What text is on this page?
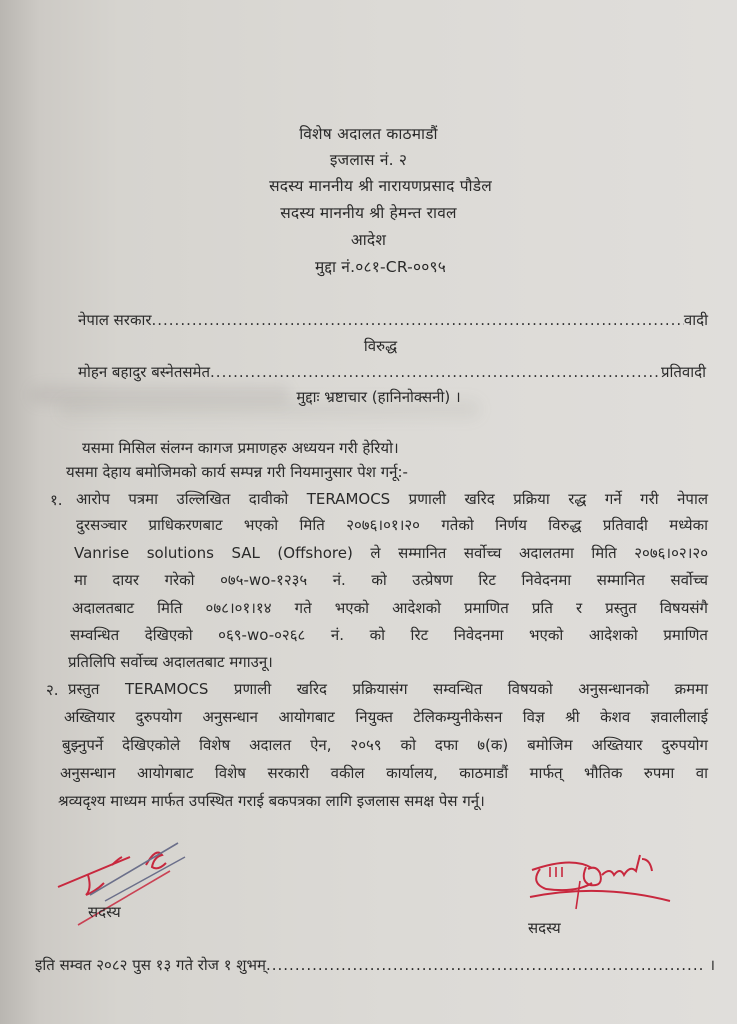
विशेष अदालत काठमाडौं
इजलास नं. २
सदस्य माननीय श्री नारायणप्रसाद पौडेल
सदस्य माननीय श्री हेमन्त रावल
आदेश
मुद्दा नं.०८१-CR-००९५
नेपाल सरकार .....	वादी
विरुद्ध
मोहन बहादुर बस्नेतसमेत .....	प्रतिवादी
मुद्दाः भ्रष्टाचार (हानिनोक्सनी) ।
यसमा मिसिल संलग्न कागज प्रमाणहरु अध्ययन गरी हेरियो।
यसमा देहाय बमोजिमको कार्य सम्पन्न गरी नियमानुसार पेश गर्नू:-
१. आरोप पत्रमा उल्लिखित दावीको TERAMOCS प्रणाली खरिद प्रक्रिया रद्ध गर्ने गरी नेपाल
दुरसञ्चार प्राधिकरणबाट भएको मिति २०७६।०१।२० गतेको निर्णय विरुद्ध प्रतिवादी मध्येका
Vanrise solutions SAL (Offshore) ले सम्मानित सर्वोच्च अदालतमा मिति २०७६।०२।२०
मा दायर गरेको ०७५-wo-१२३५ नं. को उत्प्रेषण रिट निवेदनमा सम्मानित सर्वोच्च
अदालतबाट मिति ०७८।०१।१४ गते भएको आदेशको प्रमाणित प्रति र प्रस्तुत विषयसंगै
सम्वन्धित देखिएको ०६९-wo-०२६८ नं. को रिट निवेदनमा भएको आदेशको प्रमाणित
प्रतिलिपि सर्वोच्च अदालतबाट मगाउनू।
२. प्रस्तुत TERAMOCS प्रणाली खरिद प्रक्रियासंग सम्वन्धित विषयको अनुसन्धानको क्रममा
अख्तियार दुरुपयोग अनुसन्धान आयोगबाट नियुक्त टेलिकम्युनीकेसन विज्ञ श्री केशव ज्ञवालीलाई
बुझ्नुपर्ने देखिएकोले विशेष अदालत ऐन, २०५९ को दफा ७(क) बमोजिम अख्तियार दुरुपयोग
अनुसन्धान आयोगबाट विशेष सरकारी वकील कार्यालय, काठमाडौं मार्फत् भौतिक रुपमा वा
श्रव्यदृश्य माध्यम मार्फत उपस्थित गराई बकपत्रका लागि इजलास समक्ष पेस गर्नू।
सदस्य
सदस्य
इति सम्वत २०८२ पुस १३ गते रोज १ शुभम् .....	।
